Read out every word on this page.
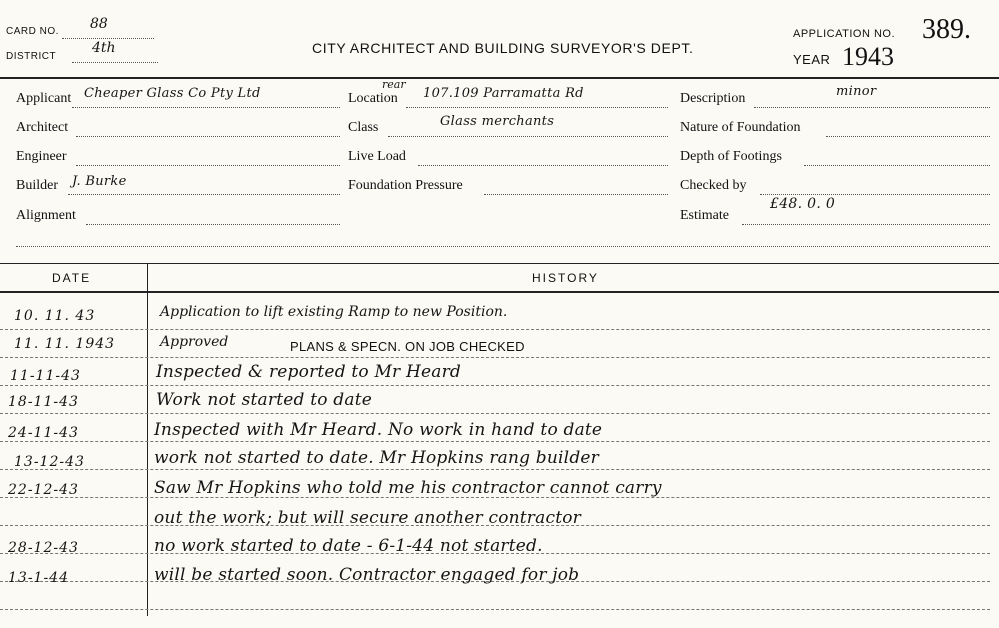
CARD NO. 88
DISTRICT
4th	CITY ARCHITECT AND BUILDING SURVEYOR'S DEPT.
APPLICATION NO. 389.
YEAR 1943
Applicant Cheaper Glass Co Pty Ltd
Architect
Engineer
Builder J. Burke
Alignment
rear
Location 107.109 Parramatta Rd
Class	Glass merchants
Live Load
Foundation Pressure
Description	minor
Nature of Foundation
Depth of Footings
Checked by
Estimate
£48. 0. 0
DATE	HISTORY
10. 11. 43	Application to lift existing Ramp to new Position.
11. 11. 1943	Approved	PLANS & SPECN. ON JOB CHECKED
11-11-43	Inspected & reported to Mr Heard
18-11-43	Work not started to date
24-11-43	Inspected with Mr Heard. No work in hand to date
13-12-43	work not started to date. Mr Hopkins rang builder
22-12-43	Saw Mr Hopkins who told me his contractor cannot carry
out the work; but will secure another contractor
28-12-43	no work started to date - 6-1-44 not started.
13-1-44	will be started soon. Contractor engaged for job
